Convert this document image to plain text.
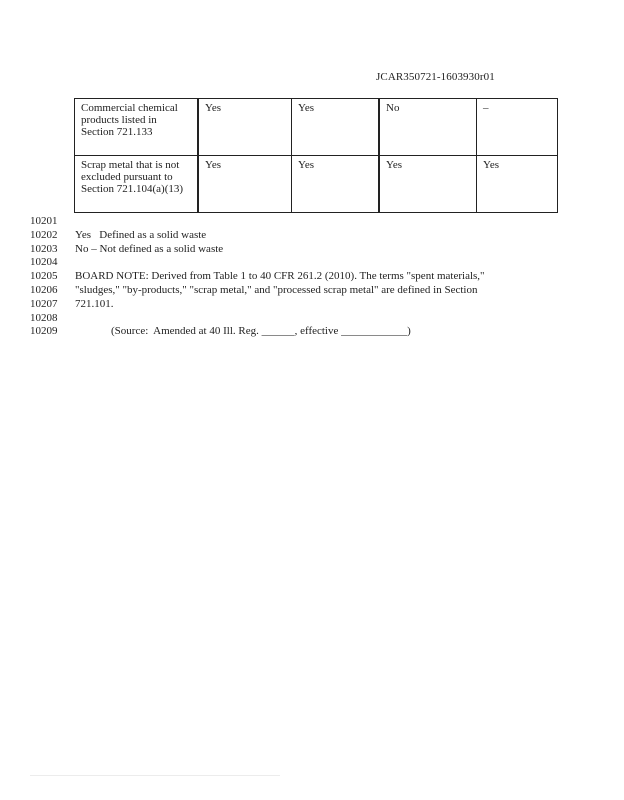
JCAR350721-1603930r01
Commercial chemical products listed in Section 721.133	Yes	Yes	No	–
Scrap metal that is not excluded pursuant to Section 721.104(a)(13)	Yes	Yes	Yes	Yes
10201
10202	Yes   Defined as a solid waste
10203	No – Not defined as a solid waste
10204
10205	BOARD NOTE: Derived from Table 1 to 40 CFR 261.2 (2010). The terms "spent materials,"
10206	"sludges," "by-products," "scrap metal," and "processed scrap metal" are defined in Section
10207	721.101.
10208
10209	(Source:  Amended at 40 Ill. Reg. ______, effective ____________)
